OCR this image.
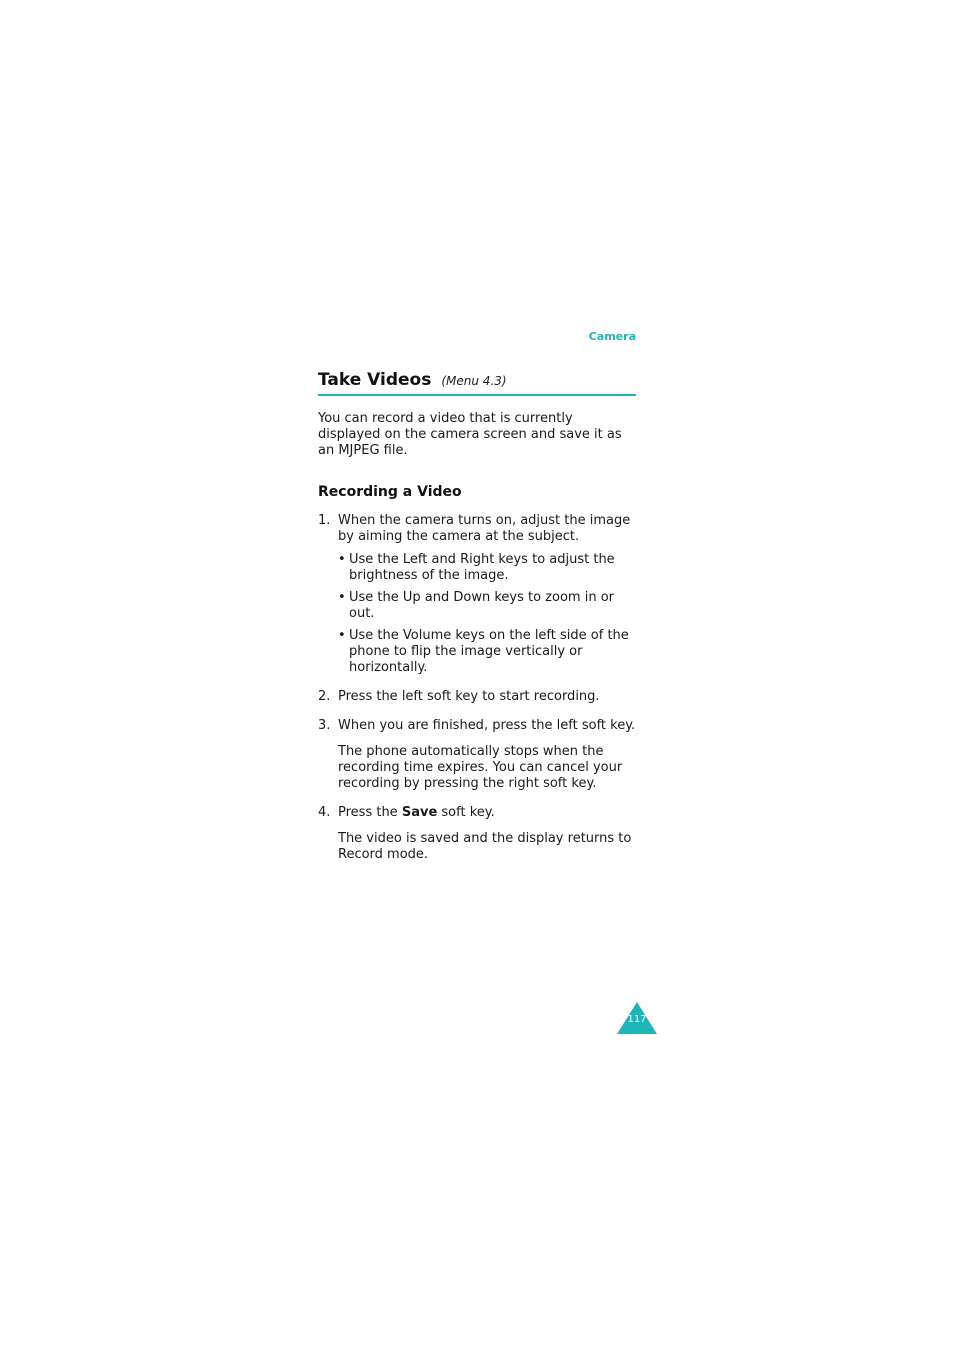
Camera
Take Videos (Menu 4.3)

You can record a video that is currently displayed on the camera screen and save it as an MJPEG file.

Recording a Video

1. When the camera turns on, adjust the image by aiming the camera at the subject.
• Use the Left and Right keys to adjust the brightness of the image.
• Use the Up and Down keys to zoom in or out.
• Use the Volume keys on the left side of the phone to flip the image vertically or horizontally.
2. Press the left soft key to start recording.
3. When you are finished, press the left soft key.
The phone automatically stops when the recording time expires. You can cancel your recording by pressing the right soft key.
4. Press the Save soft key.
The video is saved and the display returns to Record mode.
117
